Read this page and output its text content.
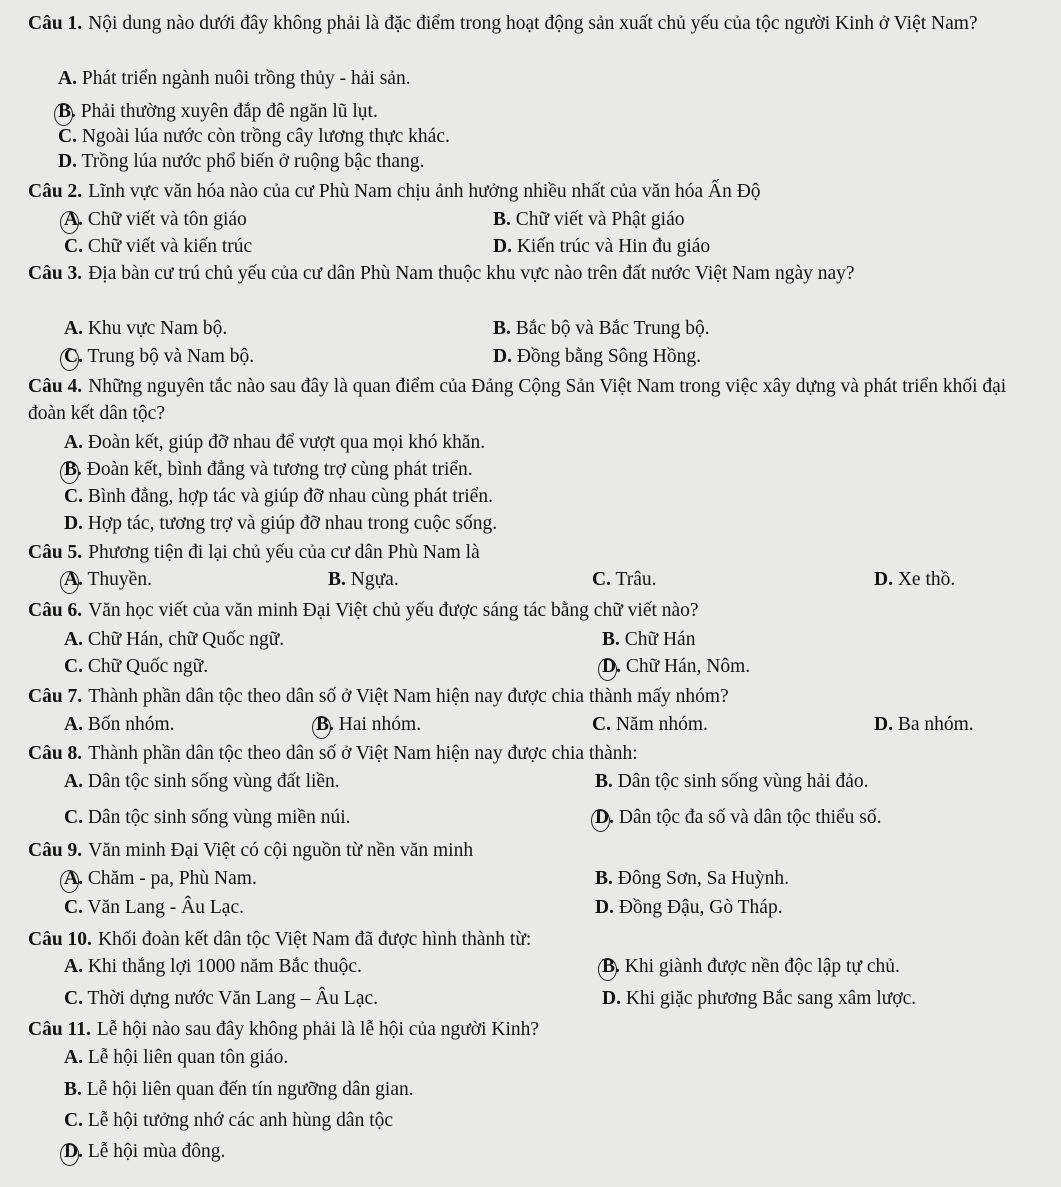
Câu 1. Nội dung nào dưới đây không phải là đặc điểm trong hoạt động sản xuất chủ yếu của tộc người Kinh ở Việt Nam?

A. Phát triển ngành nuôi trồng thủy - hải sản.
B. Phải thường xuyên đắp đê ngăn lũ lụt.
C. Ngoài lúa nước còn trồng cây lương thực khác.
D. Trồng lúa nước phổ biến ở ruộng bậc thang.

Câu 2. Lĩnh vực văn hóa nào của cư Phù Nam chịu ảnh hưởng nhiều nhất của văn hóa Ấn Độ

A. Chữ viết và tôn giáo	B. Chữ viết và Phật giáo
C. Chữ viết và kiến trúc	D. Kiến trúc và Hin đu giáo

Câu 3. Địa bàn cư trú chủ yếu của cư dân Phù Nam thuộc khu vực nào trên đất nước Việt Nam ngày nay?

A. Khu vực Nam bộ.	B. Bắc bộ và Bắc Trung bộ.
C. Trung bộ và Nam bộ.	D. Đồng bằng Sông Hồng.

Câu 4. Những nguyên tắc nào sau đây là quan điểm của Đảng Cộng Sản Việt Nam trong việc xây dựng và phát triển khối đại đoàn kết dân tộc?

A. Đoàn kết, giúp đỡ nhau để vượt qua mọi khó khăn.
B. Đoàn kết, bình đẳng và tương trợ cùng phát triển.
C. Bình đẳng, hợp tác và giúp đỡ nhau cùng phát triển.
D. Hợp tác, tương trợ và giúp đỡ nhau trong cuộc sống.

Câu 5. Phương tiện đi lại chủ yếu của cư dân Phù Nam là

A. Thuyền.	B. Ngựa.	C. Trâu.	D. Xe thồ.

Câu 6. Văn học viết của văn minh Đại Việt chủ yếu được sáng tác bằng chữ viết nào?

A. Chữ Hán, chữ Quốc ngữ.	B. Chữ Hán
C. Chữ Quốc ngữ.	D. Chữ Hán, Nôm.

Câu 7. Thành phần dân tộc theo dân số ở Việt Nam hiện nay được chia thành mấy nhóm?

A. Bốn nhóm.	B. Hai nhóm.	C. Năm nhóm.	D. Ba nhóm.

Câu 8. Thành phần dân tộc theo dân số ở Việt Nam hiện nay được chia thành:

A. Dân tộc sinh sống vùng đất liền.	B. Dân tộc sinh sống vùng hải đảo.
C. Dân tộc sinh sống vùng miền núi.	D. Dân tộc đa số và dân tộc thiểu số.

Câu 9. Văn minh Đại Việt có cội nguồn từ nền văn minh

A. Chăm - pa, Phù Nam.	B. Đông Sơn, Sa Huỳnh.
C. Văn Lang - Âu Lạc.	D. Đồng Đậu, Gò Tháp.

Câu 10. Khối đoàn kết dân tộc Việt Nam đã được hình thành từ:

A. Khi thắng lợi 1000 năm Bắc thuộc.	B. Khi giành được nền độc lập tự chủ.
C. Thời dựng nước Văn Lang – Âu Lạc.	D. Khi giặc phương Bắc sang xâm lược.

Câu 11. Lễ hội nào sau đây không phải là lễ hội của người Kinh?

A. Lễ hội liên quan tôn giáo.
B. Lễ hội liên quan đến tín ngưỡng dân gian.
C. Lễ hội tưởng nhớ các anh hùng dân tộc
D. Lễ hội mùa đông.
